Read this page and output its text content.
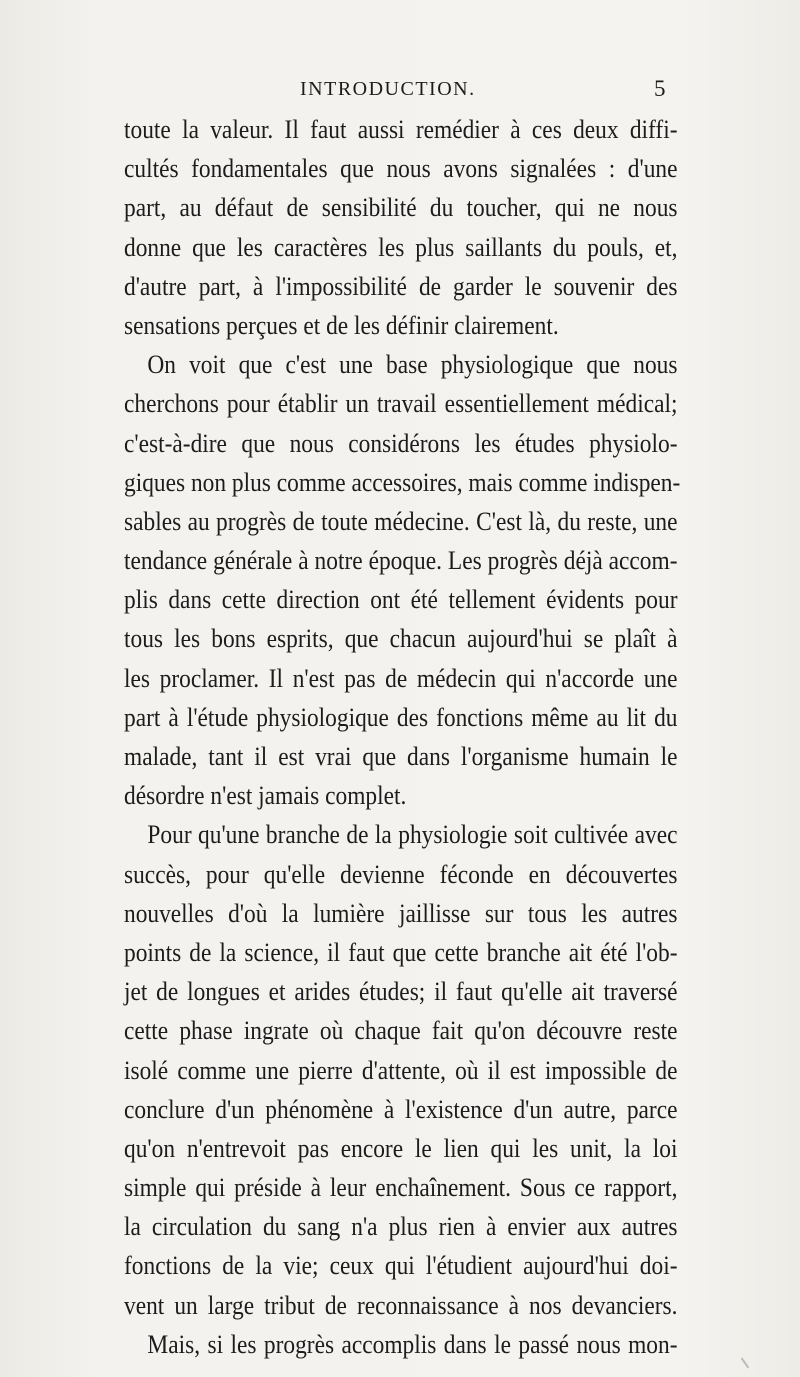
INTRODUCTION.	5
toute la valeur. Il faut aussi remédier à ces deux diffi-
cultés fondamentales que nous avons signalées : d'une
part, au défaut de sensibilité du toucher, qui ne nous
donne que les caractères les plus saillants du pouls, et,
d'autre part, à l'impossibilité de garder le souvenir des
sensations perçues et de les définir clairement.
On voit que c'est une base physiologique que nous
cherchons pour établir un travail essentiellement médical;
c'est-à-dire que nous considérons les études physiolo-
giques non plus comme accessoires, mais comme indispen-
sables au progrès de toute médecine. C'est là, du reste, une
tendance générale à notre époque. Les progrès déjà accom-
plis dans cette direction ont été tellement évidents pour
tous les bons esprits, que chacun aujourd'hui se plaît à
les proclamer. Il n'est pas de médecin qui n'accorde une
part à l'étude physiologique des fonctions même au lit du
malade, tant il est vrai que dans l'organisme humain le
désordre n'est jamais complet.
Pour qu'une branche de la physiologie soit cultivée avec
succès, pour qu'elle devienne féconde en découvertes
nouvelles d'où la lumière jaillisse sur tous les autres
points de la science, il faut que cette branche ait été l'ob-
jet de longues et arides études; il faut qu'elle ait traversé
cette phase ingrate où chaque fait qu'on découvre reste
isolé comme une pierre d'attente, où il est impossible de
conclure d'un phénomène à l'existence d'un autre, parce
qu'on n'entrevoit pas encore le lien qui les unit, la loi
simple qui préside à leur enchaînement. Sous ce rapport,
la circulation du sang n'a plus rien à envier aux autres
fonctions de la vie; ceux qui l'étudient aujourd'hui doi-
vent un large tribut de reconnaissance à nos devanciers.
Mais, si les progrès accomplis dans le passé nous mon-
